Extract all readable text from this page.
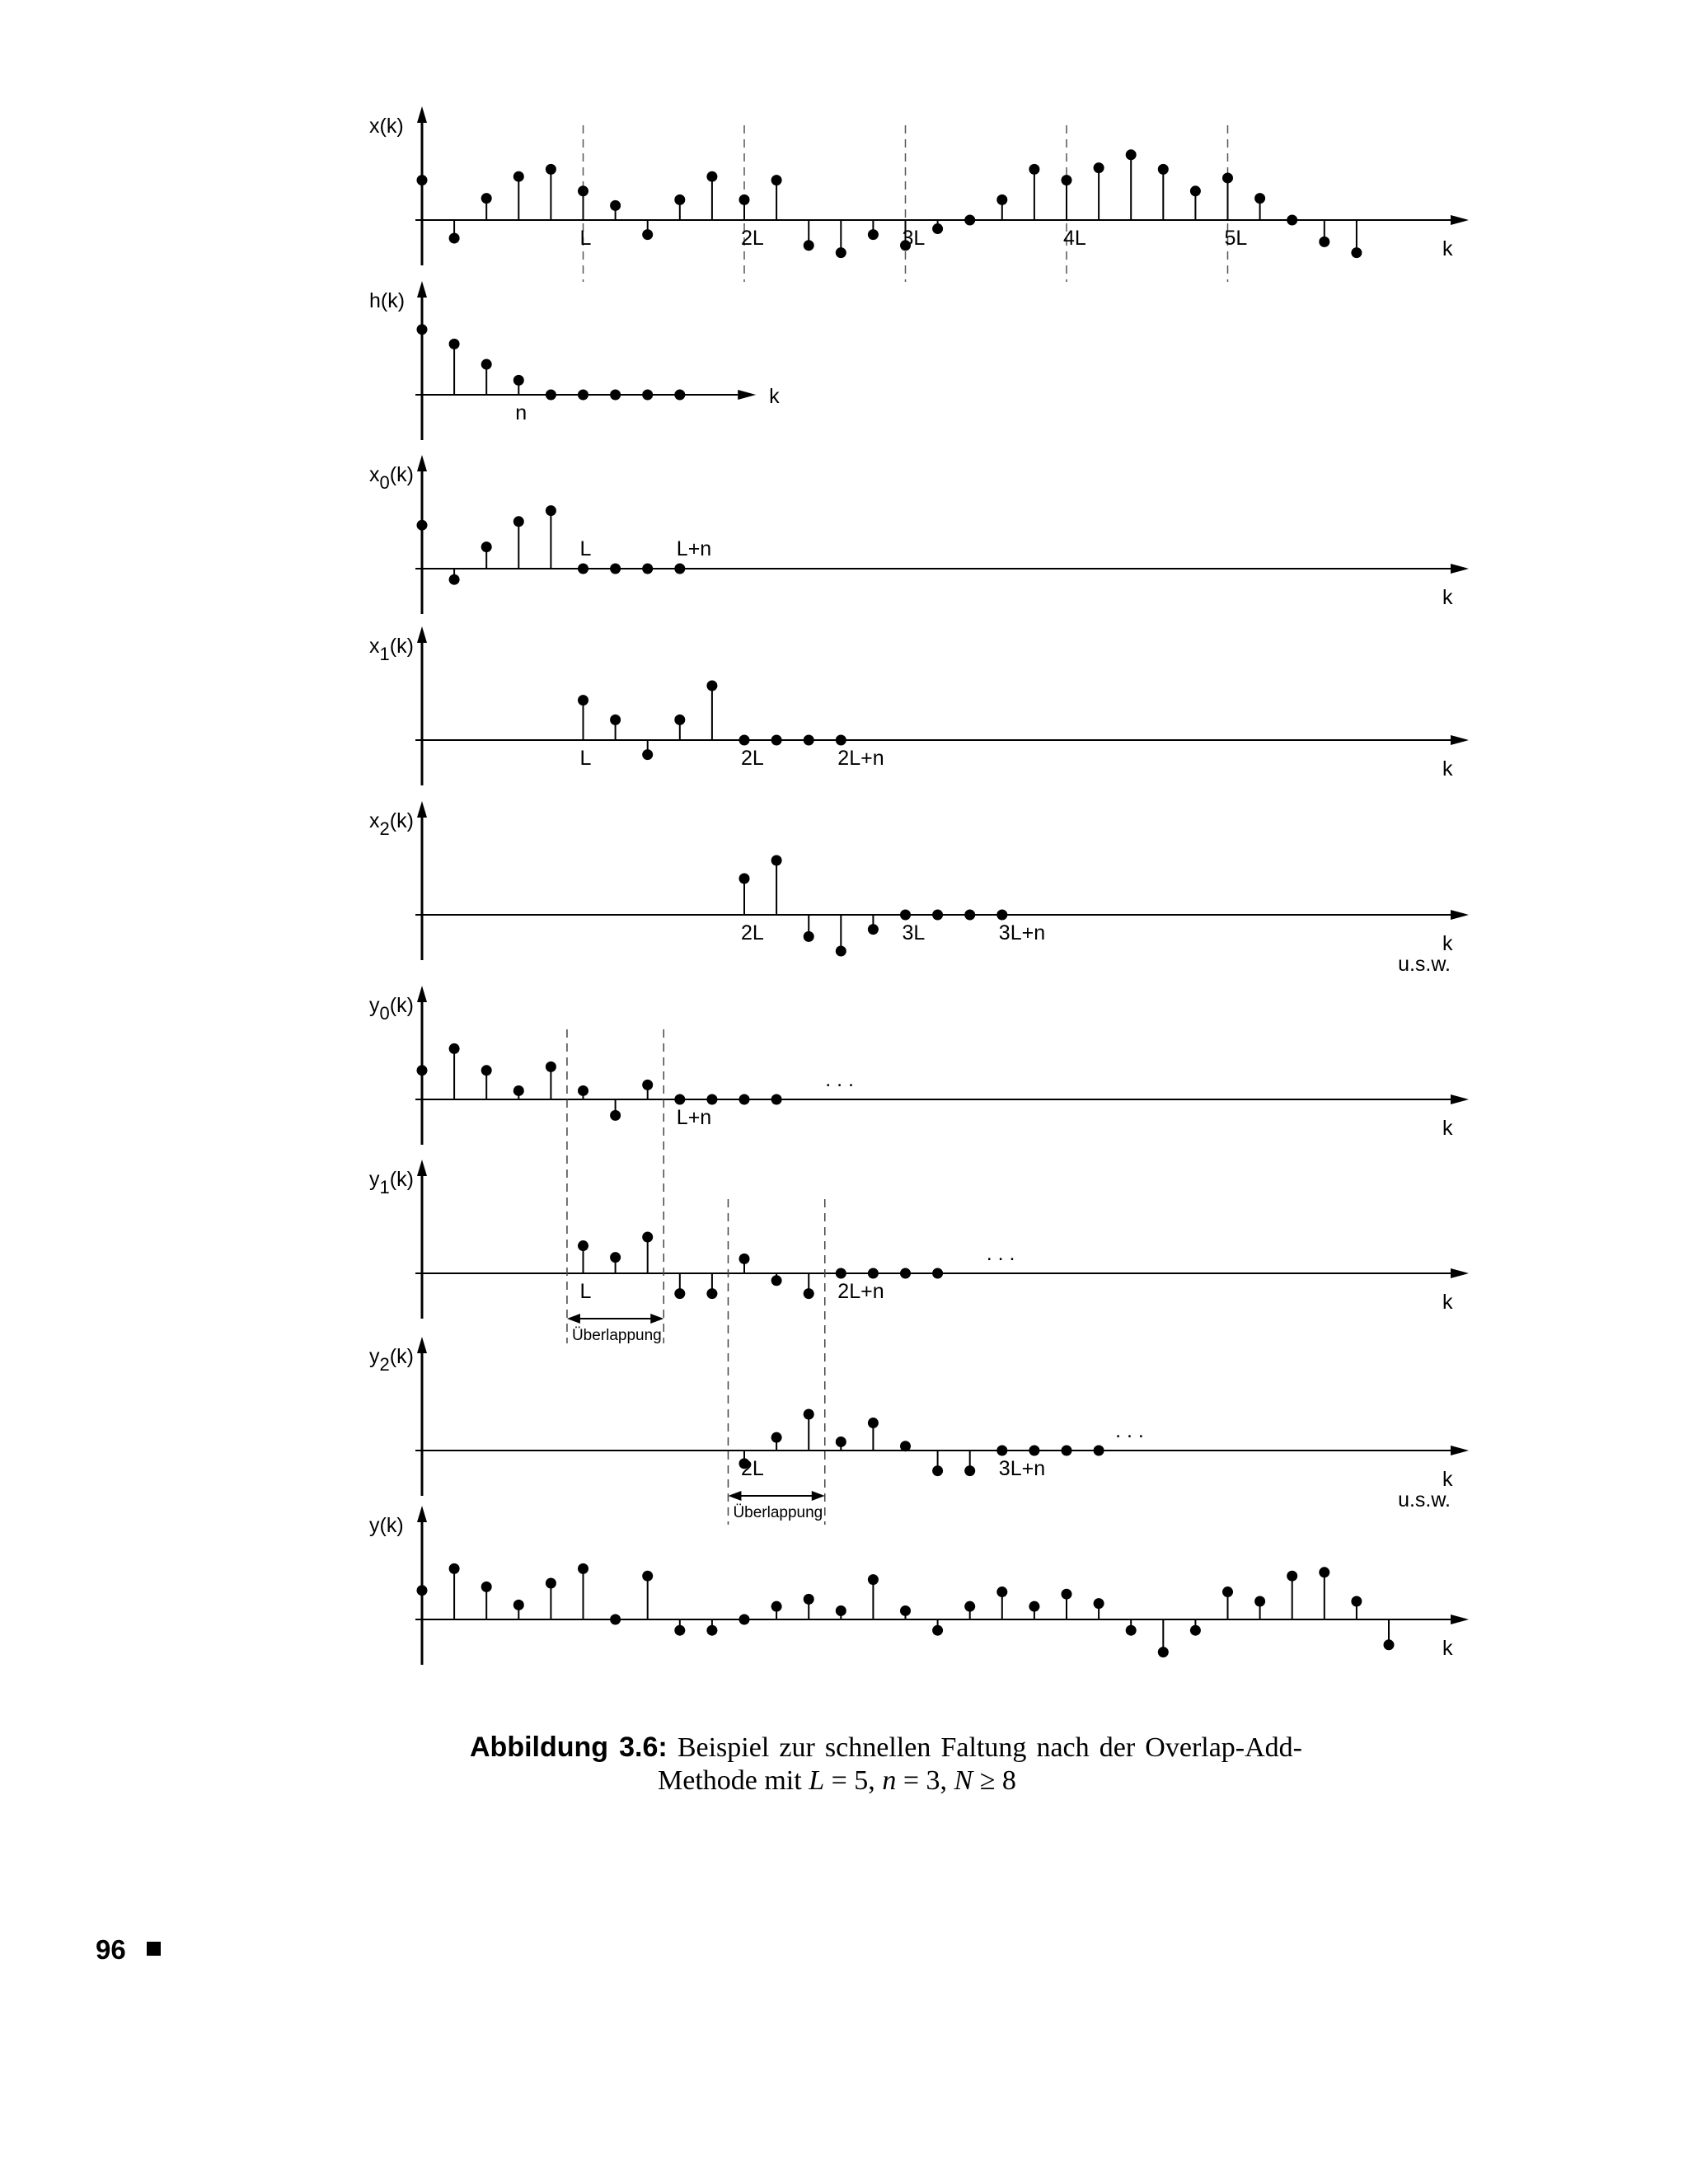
k
x(k)
L	2L	3L	4L	5L
k
h(k)
n
k
x0(k)
L	L+n
k
x1(k)
L	2L	2L+n
k
x2(k)
2L	3L	3L+n
u.s.w.
k
y0(k)
L+n
. . .
k
y1(k)
L	2L+n
. . .
k
y2(k)
2L	3L+n
. . .
u.s.w.
k
y(k)
Überlappung
Überlappung
Abbildung 3.6: Beispiel zur schnellen Faltung nach der Overlap-Add-
Methode mit L = 5, n = 3, N ≥ 8
96
